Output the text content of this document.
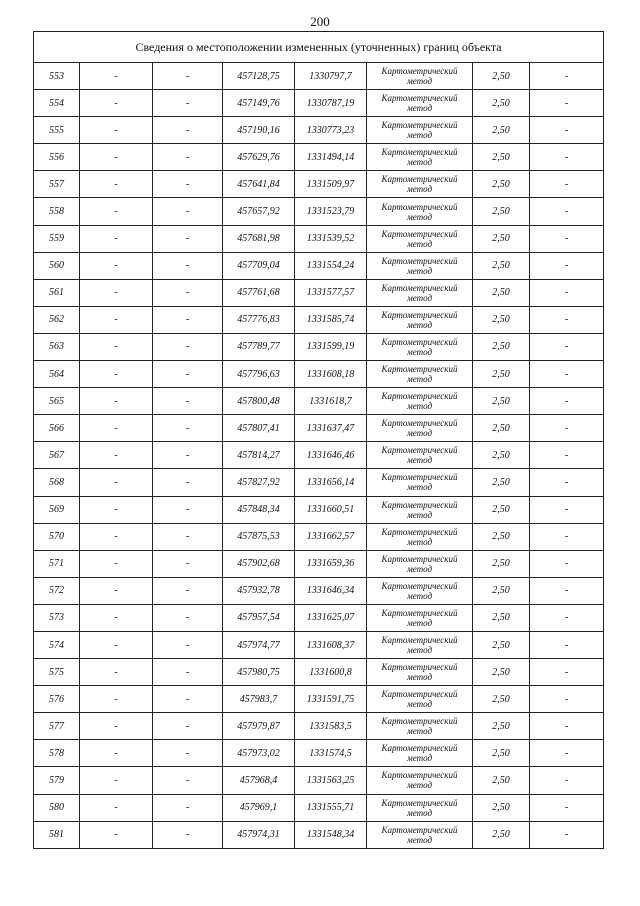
200
Сведения о местоположении измененных (уточненных) границ объекта							
553	-	-	457128,75	1330797,7	Картометрический
метод	2,50	-
554	-	-	457149,76	1330787,19	Картометрический
метод	2,50	-
555	-	-	457190,16	1330773,23	Картометрический
метод	2,50	-
556	-	-	457629,76	1331494,14	Картометрический
метод	2,50	-
557	-	-	457641,84	1331509,97	Картометрический
метод	2,50	-
558	-	-	457657,92	1331523,79	Картометрический
метод	2,50	-
559	-	-	457681,98	1331539,52	Картометрический
метод	2,50	-
560	-	-	457709,04	1331554,24	Картометрический
метод	2,50	-
561	-	-	457761,68	1331577,57	Картометрический
метод	2,50	-
562	-	-	457776,83	1331585,74	Картометрический
метод	2,50	-
563	-	-	457789,77	1331599,19	Картометрический
метод	2,50	-
564	-	-	457796,63	1331608,18	Картометрический
метод	2,50	-
565	-	-	457800,48	1331618,7	Картометрический
метод	2,50	-
566	-	-	457807,41	1331637,47	Картометрический
метод	2,50	-
567	-	-	457814,27	1331646,46	Картометрический
метод	2,50	-
568	-	-	457827,92	1331656,14	Картометрический
метод	2,50	-
569	-	-	457848,34	1331660,51	Картометрический
метод	2,50	-
570	-	-	457875,53	1331662,57	Картометрический
метод	2,50	-
571	-	-	457902,68	1331659,36	Картометрический
метод	2,50	-
572	-	-	457932,78	1331646,34	Картометрический
метод	2,50	-
573	-	-	457957,54	1331625,07	Картометрический
метод	2,50	-
574	-	-	457974,77	1331608,37	Картометрический
метод	2,50	-
575	-	-	457980,75	1331600,8	Картометрический
метод	2,50	-
576	-	-	457983,7	1331591,75	Картометрический
метод	2,50	-
577	-	-	457979,87	1331583,5	Картометрический
метод	2,50	-
578	-	-	457973,02	1331574,5	Картометрический
метод	2,50	-
579	-	-	457968,4	1331563,25	Картометрический
метод	2,50	-
580	-	-	457969,1	1331555,71	Картометрический
метод	2,50	-
581	-	-	457974,31	1331548,34	Картометрический
метод	2,50	-
